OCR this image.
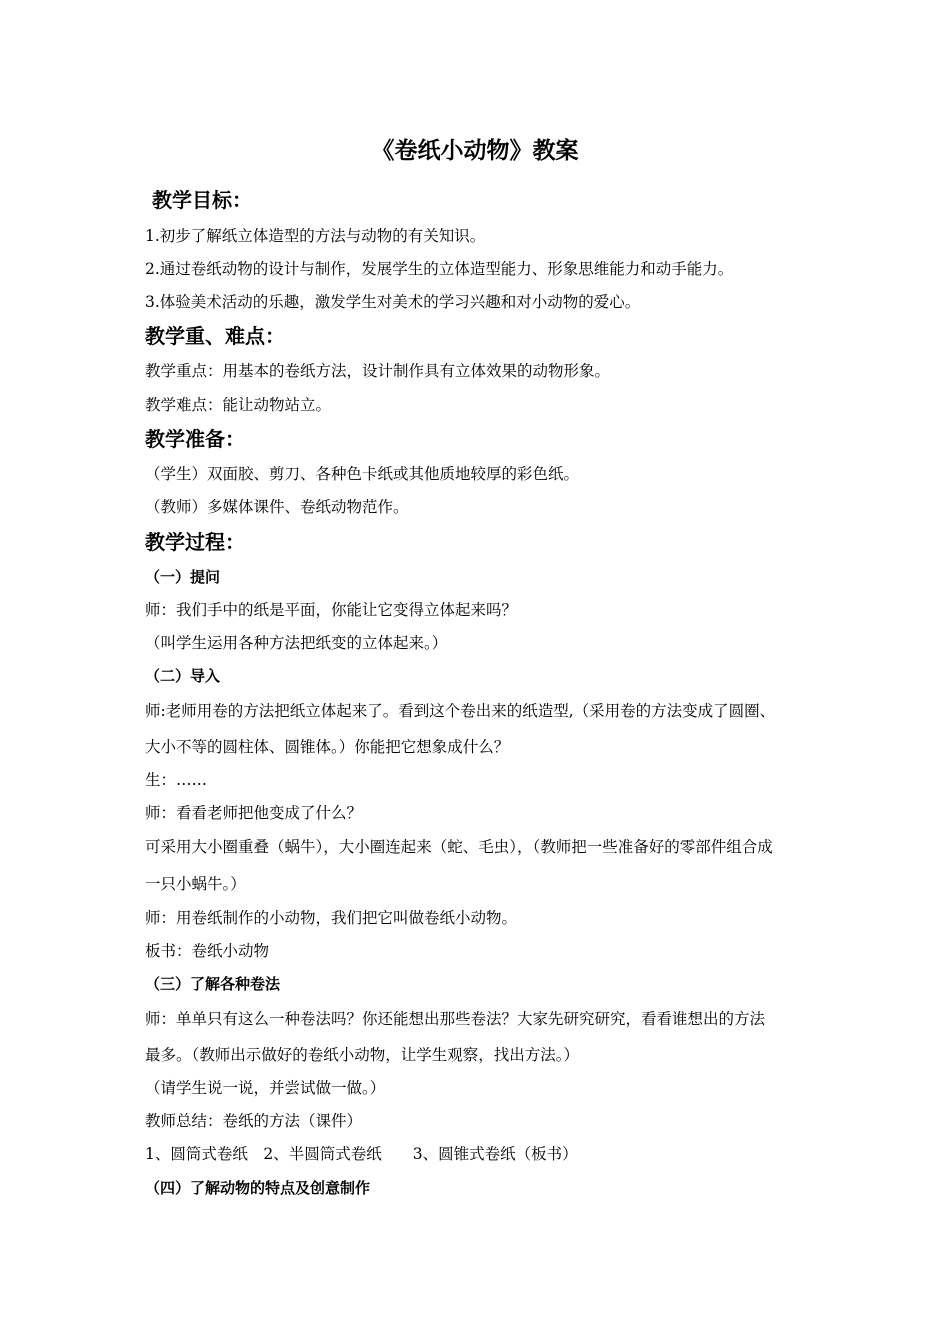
《卷纸小动物》教案
教学目标：
1.初步了解纸立体造型的方法与动物的有关知识。
2.通过卷纸动物的设计与制作，发展学生的立体造型能力、形象思维能力和动手能力。
3.体验美术活动的乐趣，激发学生对美术的学习兴趣和对小动物的爱心。
教学重、难点：
教学重点：用基本的卷纸方法，设计制作具有立体效果的动物形象。
教学难点：能让动物站立。
教学准备：
（学生）双面胶、剪刀、各种色卡纸或其他质地较厚的彩色纸。
（教师）多媒体课件、卷纸动物范作。
教学过程：
（一）提问
师：我们手中的纸是平面，你能让它变得立体起来吗？
（叫学生运用各种方法把纸变的立体起来。）
（二）导入
师:老师用卷的方法把纸立体起来了。看到这个卷出来的纸造型,（采用卷的方法变成了圆圈、
大小不等的圆柱体、圆锥体。）你能把它想象成什么？
生：……
师：看看老师把他变成了什么？
可采用大小圈重叠（蜗牛），大小圈连起来（蛇、毛虫），（教师把一些准备好的零部件组合成
一只小蜗牛。）
师：用卷纸制作的小动物，我们把它叫做卷纸小动物。
板书：卷纸小动物
（三）了解各种卷法
师：单单只有这么一种卷法吗？你还能想出那些卷法？大家先研究研究，看看谁想出的方法
最多。（教师出示做好的卷纸小动物，让学生观察，找出方法。）
（请学生说一说，并尝试做一做。）
教师总结：卷纸的方法（课件）
1、圆筒式卷纸　2、半圆筒式卷纸　　3、圆锥式卷纸（板书）
（四）了解动物的特点及创意制作
